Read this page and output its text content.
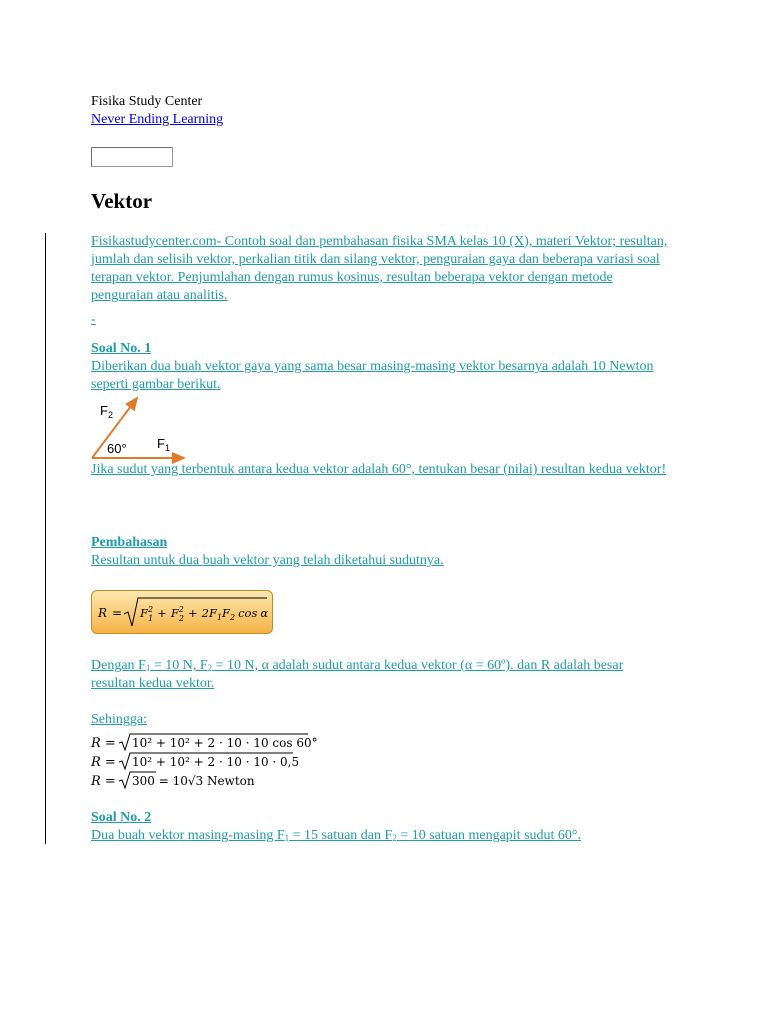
Fisika Study Center
Never Ending Learning
Vektor

Fisikastudycenter.com- Contoh soal dan pembahasan fisika SMA kelas 10 (X), materi Vektor; resultan, jumlah dan selisih vektor, perkalian titik dan silang vektor, penguraian gaya dan beberapa variasi soal terapan vektor. Penjumlahan dengan rumus kosinus, resultan beberapa vektor dengan metode penguraian atau analitis.

-
Soal No. 1

Diberikan dua buah vektor gaya yang sama besar masing-masing vektor besarnya adalah 10 Newton seperti gambar berikut.

$F_2$
60° $F_1$

Jika sudut yang terbentuk antara kedua vektor adalah 60°, tentukan besar (nilai) resultan kedua vektor!

Pembahasan

Resultan untuk dua buah vektor yang telah diketahui sudutnya.

$R = F^2$ $1 + F^2$ $2 + 2F_1F_2$ cos α

Dengan $F_1 = 10$ N, $F_2 = 10$ N, α adalah sudut antara kedua vektor (α = 60º). dan R adalah besar resultan kedua vektor.

Sehingga:
R = 10² + 10² + 2 · 10 · 10 cos 60°
R = 10² + 10² + 2 · 10 · 10 · 0,5
R = 300 = 10√3 Newton
Soal No. 2

Dua buah vektor masing-masing $F_1 = 15$ satuan dan $F_2 = 10$ satuan mengapit sudut 60°.
